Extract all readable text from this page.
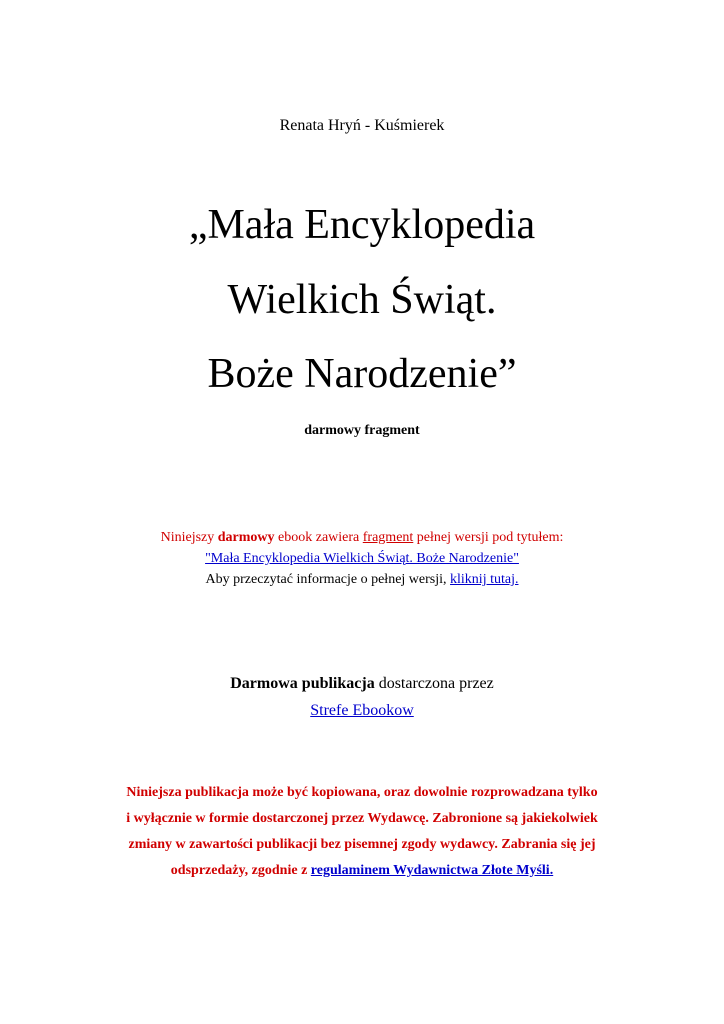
Renata Hryń - Kuśmierek
„Mała Encyklopedia
Wielkich Świąt.
Boże Narodzenie”
darmowy fragment
Niniejszy darmowy ebook zawiera fragment pełnej wersji pod tytułem:
"Mała Encyklopedia Wielkich Świąt. Boże Narodzenie"
Aby przeczytać informacje o pełnej wersji, kliknij tutaj.
Darmowa publikacja dostarczona przez
Strefe Ebookow
Niniejsza publikacja może być kopiowana, oraz dowolnie rozprowadzana tylko
i wyłącznie w formie dostarczonej przez Wydawcę. Zabronione są jakiekolwiek
zmiany w zawartości publikacji bez pisemnej zgody wydawcy. Zabrania się jej
odsprzedaży, zgodnie z regulaminem Wydawnictwa Złote Myśli.
